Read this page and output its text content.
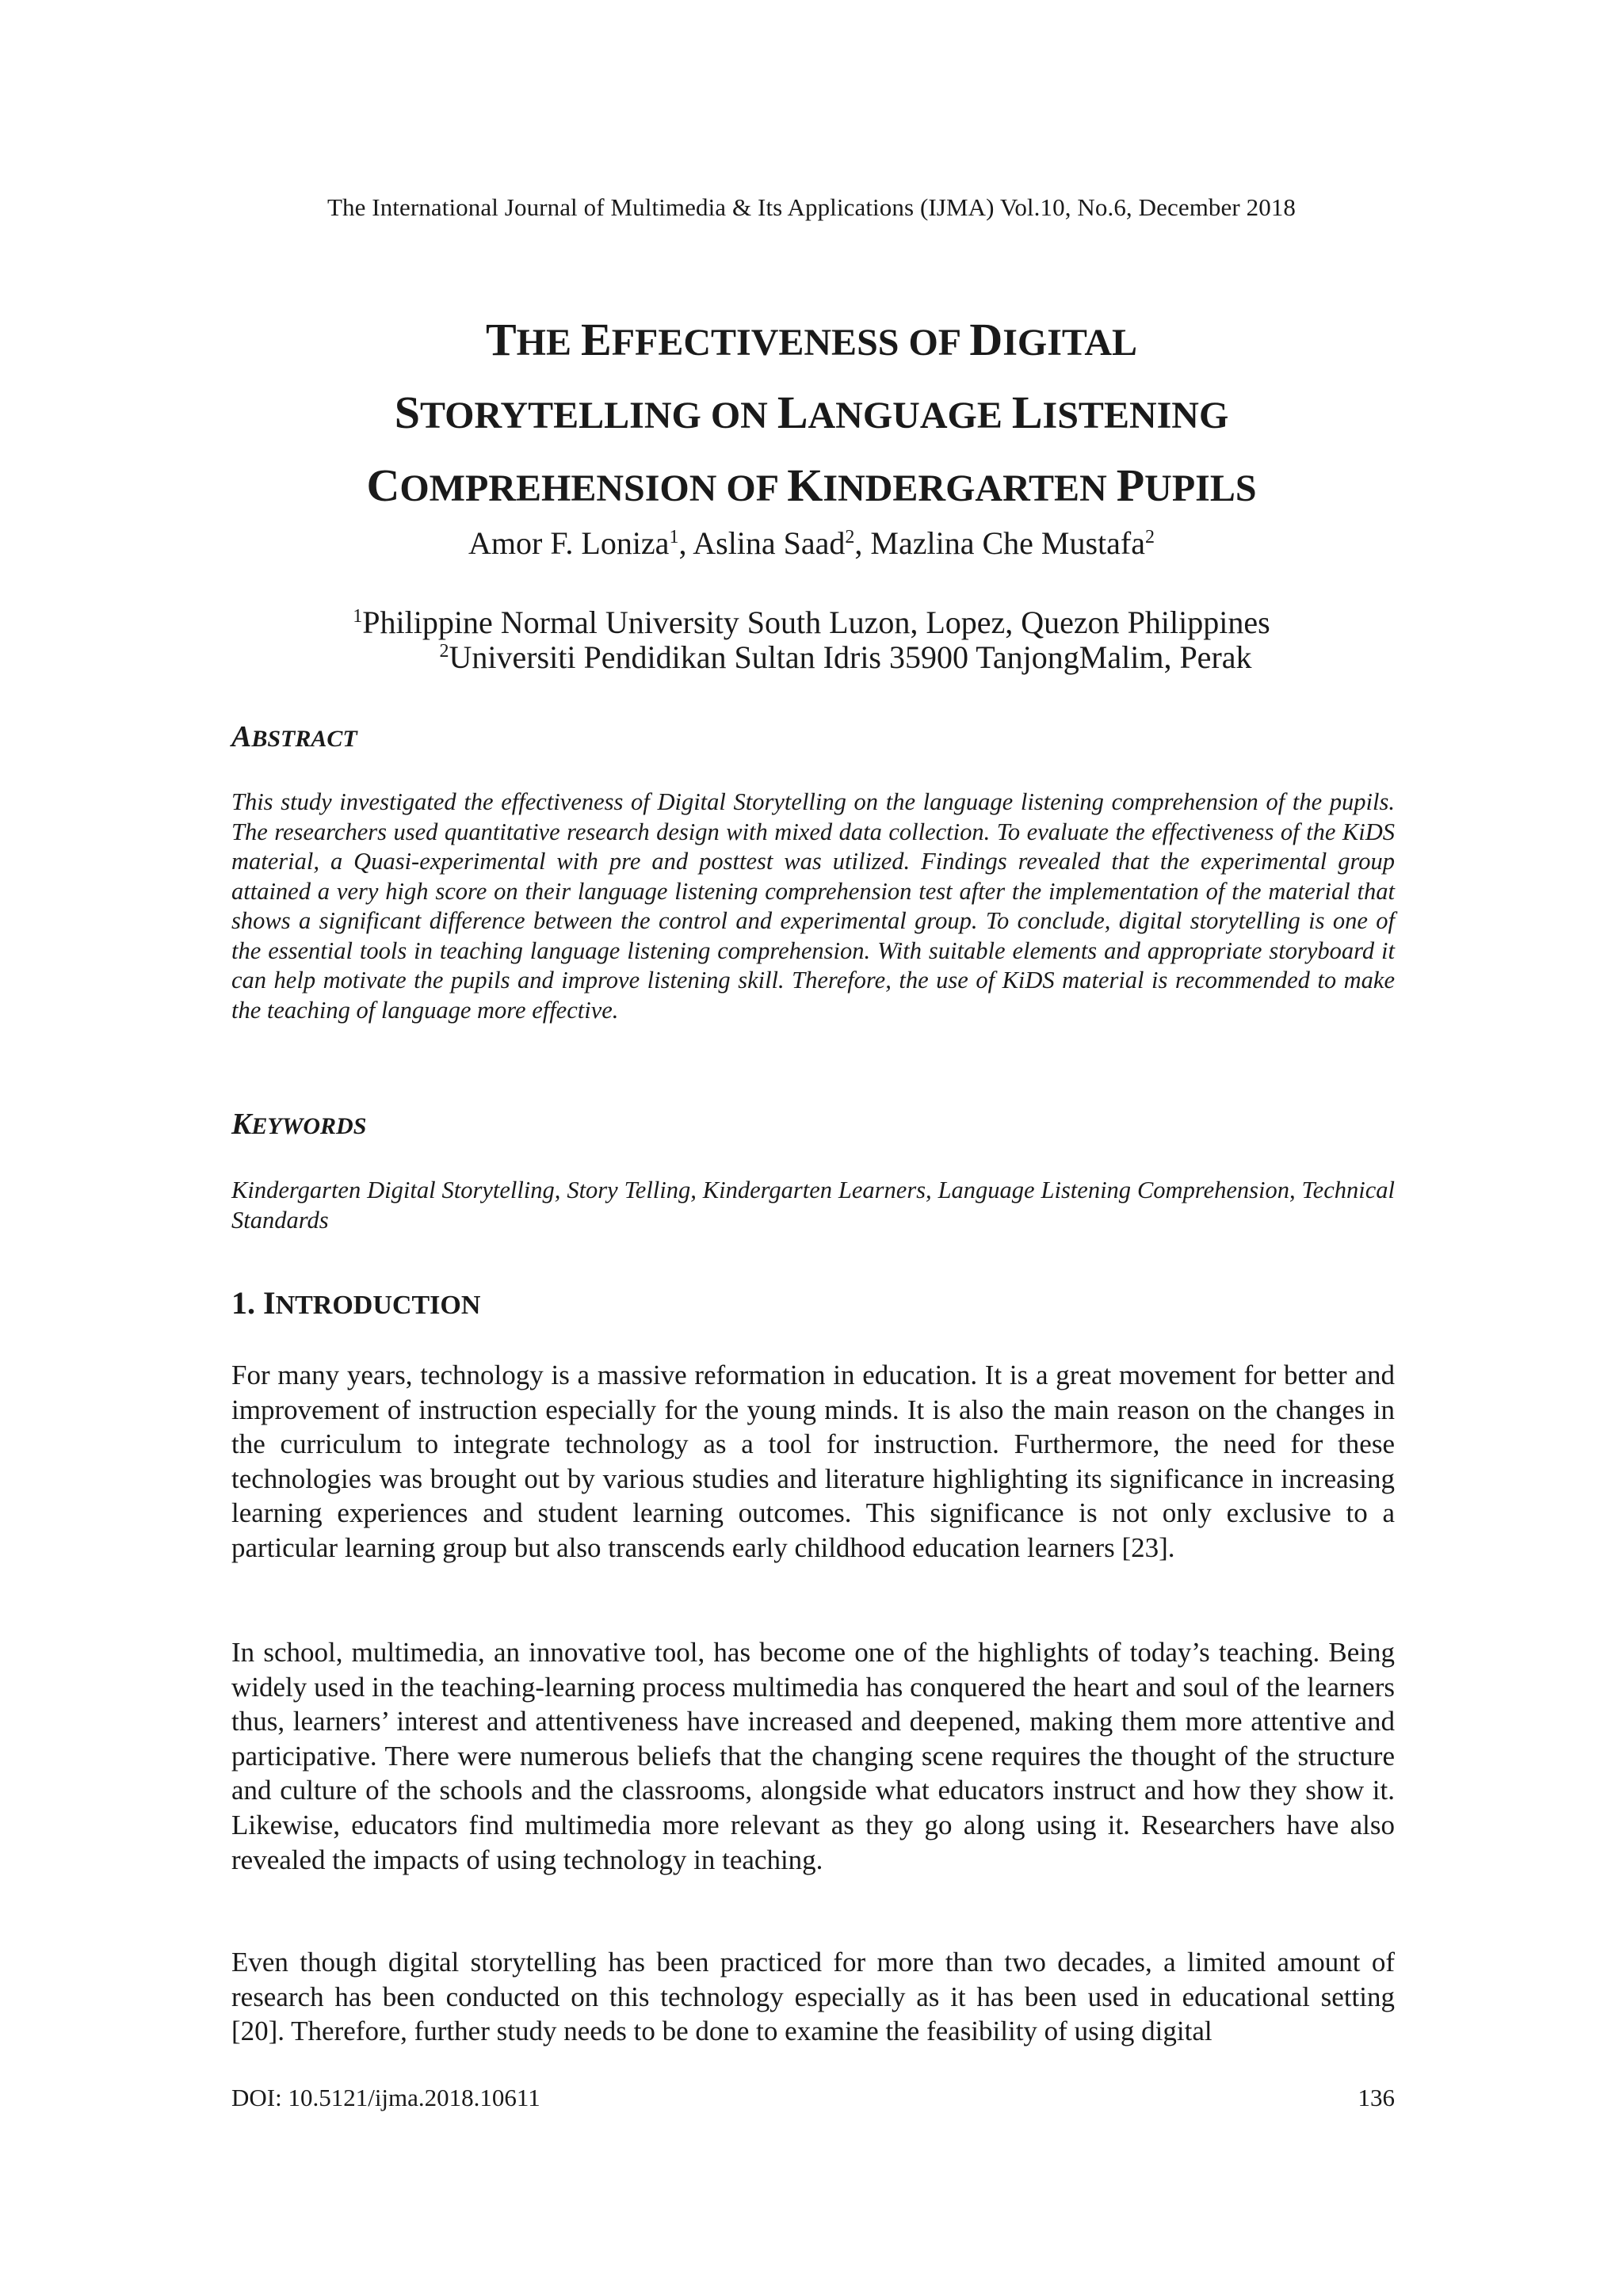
The International Journal of Multimedia & Its Applications (IJMA) Vol.10, No.6, December 2018
THE EFFECTIVENESS OF DIGITAL
STORYTELLING ON LANGUAGE LISTENING
COMPREHENSION OF KINDERGARTEN PUPILS
Amor F. Loniza$^1$, Aslina Saad$^2$, Mazlina Che Mustafa$^2$
$^1$Philippine Normal University South Luzon, Lopez, Quezon Philippines
$^2$Universiti Pendidikan Sultan Idris 35900 TanjongMalim, Perak
ABSTRACT
This study investigated the effectiveness of Digital Storytelling on the language listening comprehension of the pupils. The researchers used quantitative research design with mixed data collection. To evaluate the effectiveness of the KiDS material, a Quasi-experimental with pre and posttest was utilized. Findings revealed that the experimental group attained a very high score on their language listening comprehension test after the implementation of the material that shows a significant difference between the control and experimental group. To conclude, digital storytelling is one of the essential tools in teaching language listening comprehension. With suitable elements and appropriate storyboard it can help motivate the pupils and improve listening skill. Therefore, the use of KiDS material is recommended to make the teaching of language more effective.
KEYWORDS
Kindergarten Digital Storytelling, Story Telling, Kindergarten Learners, Language Listening Comprehension, Technical Standards
1. INTRODUCTION
For many years, technology is a massive reformation in education. It is a great movement for better and improvement of instruction especially for the young minds. It is also the main reason on the changes in the curriculum to integrate technology as a tool for instruction. Furthermore, the need for these technologies was brought out by various studies and literature highlighting its significance in increasing learning experiences and student learning outcomes. This significance is not only exclusive to a particular learning group but also transcends early childhood education learners [23].
In school, multimedia, an innovative tool, has become one of the highlights of today’s teaching. Being widely used in the teaching-learning process multimedia has conquered the heart and soul of the learners thus, learners’ interest and attentiveness have increased and deepened, making them more attentive and participative. There were numerous beliefs that the changing scene requires the thought of the structure and culture of the schools and the classrooms, alongside what educators instruct and how they show it. Likewise, educators find multimedia more relevant as they go along using it. Researchers have also revealed the impacts of using technology in teaching.
Even though digital storytelling has been practiced for more than two decades, a limited amount of research has been conducted on this technology especially as it has been used in educational setting [20]. Therefore, further study needs to be done to examine the feasibility of using digital
DOI: 10.5121/ijma.2018.10611	136
